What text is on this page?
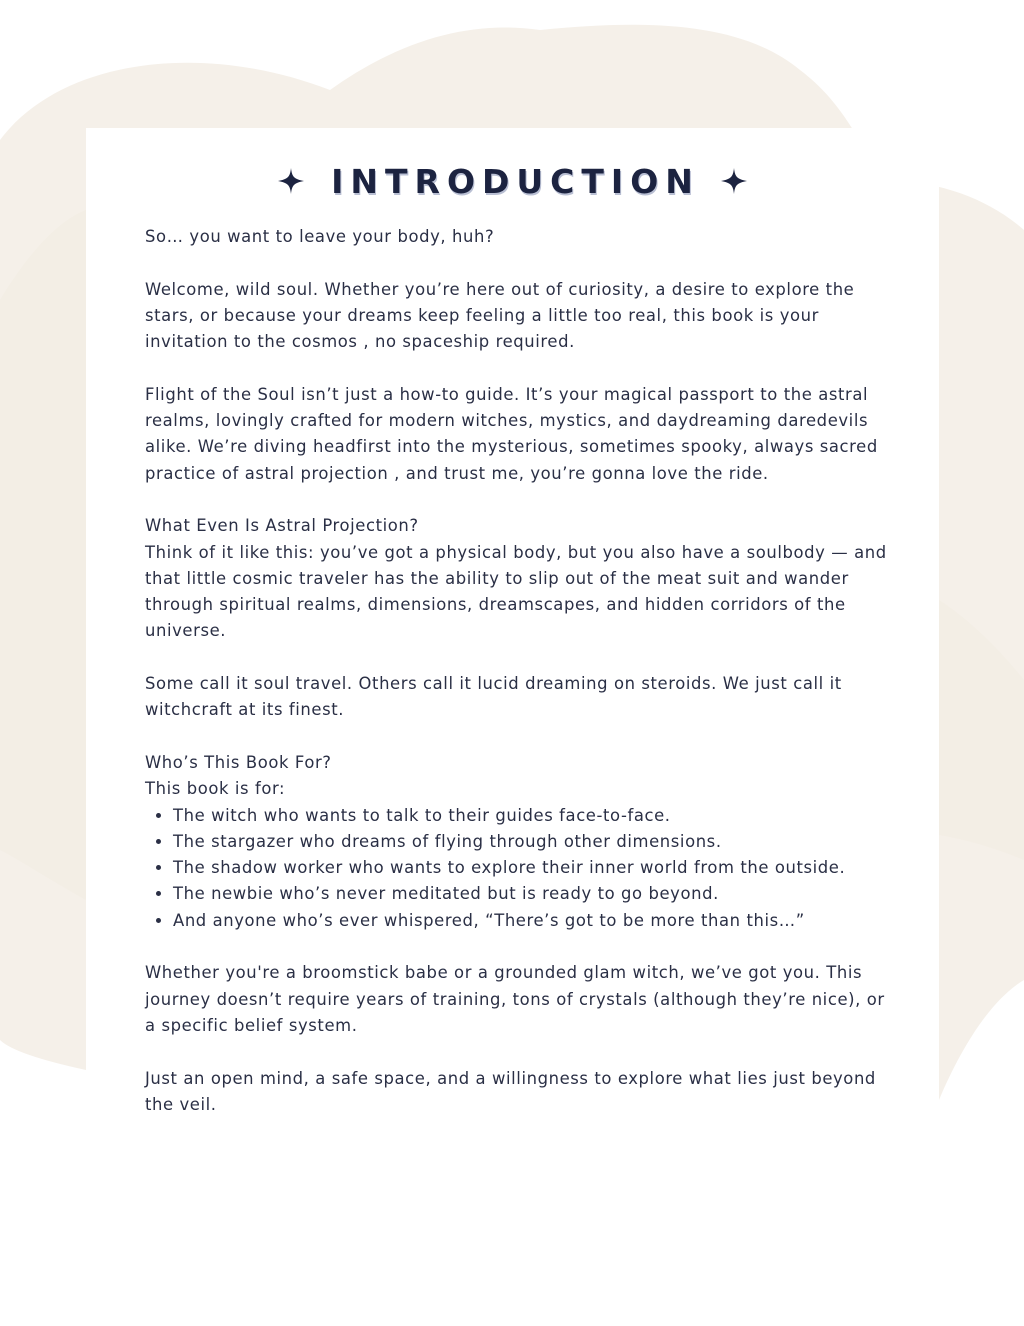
INTRODUCTION

So… you want to leave your body, huh?

Welcome, wild soul. Whether you’re here out of curiosity, a desire to explore the stars, or because your dreams keep feeling a little too real, this book is your invitation to the cosmos , no spaceship required.

Flight of the Soul isn’t just a how-to guide. It’s your magical passport to the astral realms, lovingly crafted for modern witches, mystics, and daydreaming daredevils alike. We’re diving headfirst into the mysterious, sometimes spooky, always sacred practice of astral projection , and trust me, you’re gonna love the ride.

What Even Is Astral Projection?

Think of it like this: you’ve got a physical body, but you also have a soulbody — and that little cosmic traveler has the ability to slip out of the meat suit and wander through spiritual realms, dimensions, dreamscapes, and hidden corridors of the universe.

Some call it soul travel. Others call it lucid dreaming on steroids. We just call it witchcraft at its finest.

Who’s This Book For?

This book is for:

• The witch who wants to talk to their guides face-to-face.
• The stargazer who dreams of flying through other dimensions.
• The shadow worker who wants to explore their inner world from the outside.
• The newbie who’s never meditated but is ready to go beyond.
• And anyone who’s ever whispered, “There’s got to be more than this…”

Whether you're a broomstick babe or a grounded glam witch, we’ve got you. This journey doesn’t require years of training, tons of crystals (although they’re nice), or a specific belief system.

Just an open mind, a safe space, and a willingness to explore what lies just beyond the veil.
